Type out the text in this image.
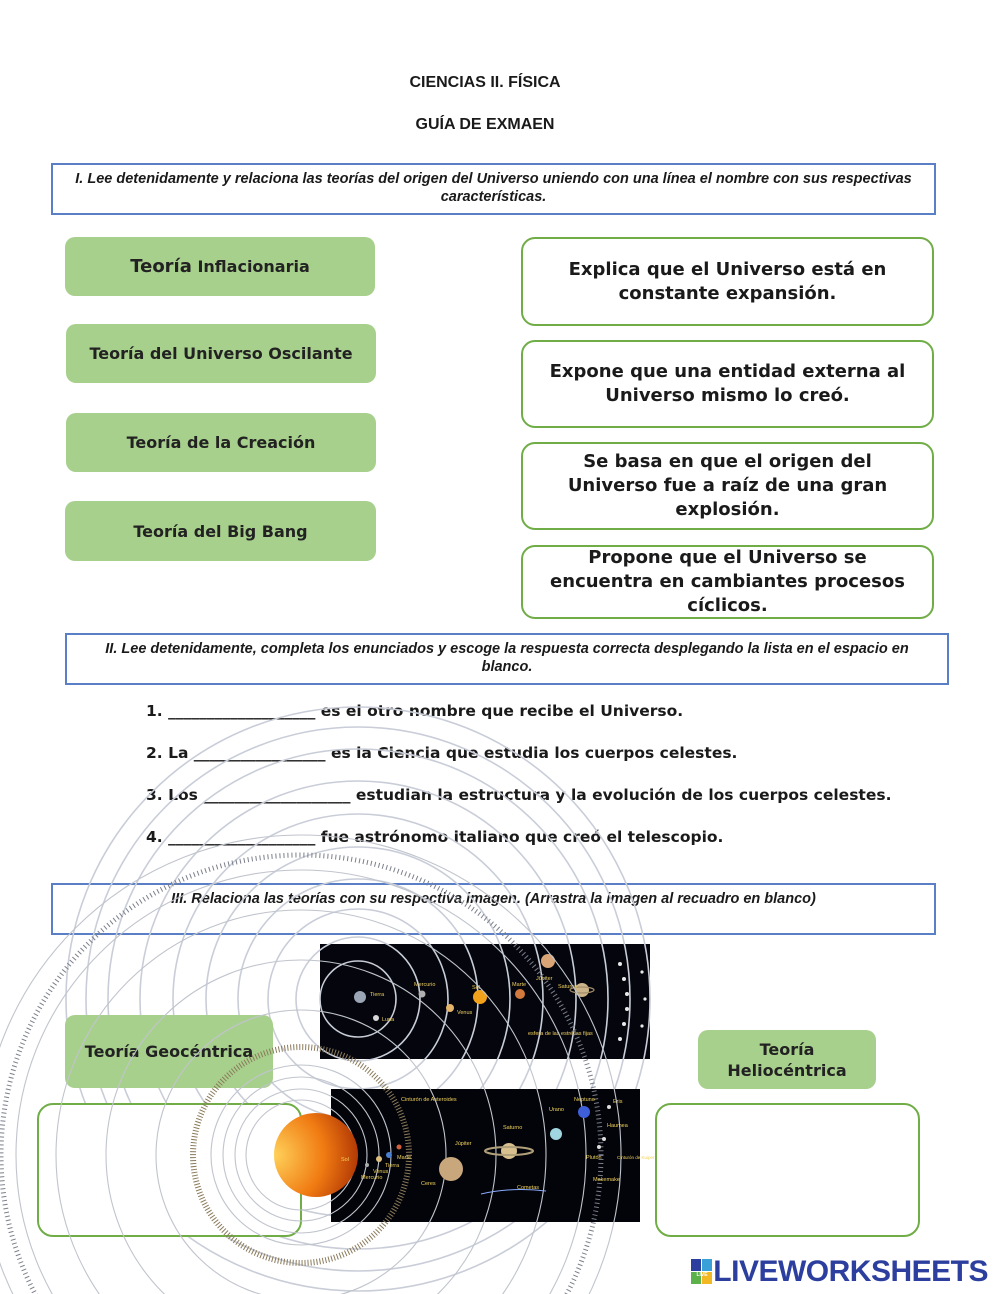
CIENCIAS II. FÍSICA
GUÍA DE EXMAEN
I. Lee detenidamente y relaciona las teorías del origen del Universo uniendo con una línea el nombre con sus respectivas características.
Teoría
Inflacionaria
Teoría del Universo Oscilante
Teoría de la Creación
Teoría del Big Bang
Explica que el Universo está en constante expansión.
Expone que una entidad externa al Universo mismo lo creó.
Se basa en que el origen del Universo fue a raíz de una gran explosión.
Propone que el Universo se encuentra en cambiantes procesos cíclicos.
II. Lee detenidamente, completa los enunciados y escoge la respuesta correcta desplegando la lista en el espacio en blanco.
1. ___________________ es el otro nombre que recibe el Universo.
2. La _________________ es la Ciencia que estudia los cuerpos celestes.
3. Los ___________________ estudian la estructura y la evolución de los cuerpos celestes.
4. ___________________ fue astrónomo italiano que creó el telescopio.
III. Relaciona las teorías con su respectiva imagen. (Arrastra la imagen al recuadro en blanco)
Tierra
Luna
Mercurio
Venus
Sol	Marte
Júpiter
Saturno
esfera de las estrellas fijas
Teoría Geocéntrica	Teoría Heliocéntrica
Sol
Mercurio
Venus
Tierra
Marte
Cinturón de Asteroides
Ceres
Júpiter
Saturno
Urano
Neptuno
Plutón
Cometas
Makemake
Eris
Haumea
Cinturón de Kuiper
LIVE LIVEWORKSHEETS
